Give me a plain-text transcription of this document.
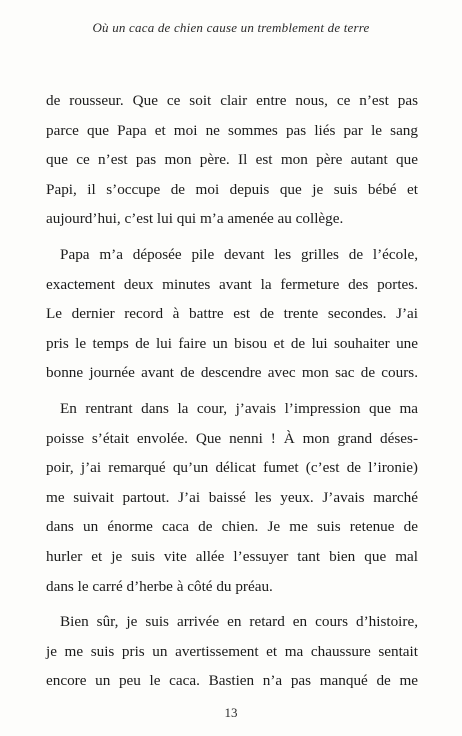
Où un caca de chien cause un tremblement de terre
de rousseur. Que ce soit clair entre nous, ce n’est pas
parce que Papa et moi ne sommes pas liés par le sang
que ce n’est pas mon père. Il est mon père autant que
Papi, il s’occupe de moi depuis que je suis bébé et
aujourd’hui, c’est lui qui m’a amenée au collège.
Papa m’a déposée pile devant les grilles de l’école,
exactement deux minutes avant la fermeture des portes.
Le dernier record à battre est de trente secondes. J’ai
pris le temps de lui faire un bisou et de lui souhaiter une
bonne journée avant de descendre avec mon sac de cours.
En rentrant dans la cour, j’avais l’impression que ma
poisse s’était envolée. Que nenni ! À mon grand déses-
poir, j’ai remarqué qu’un délicat fumet (c’est de l’ironie)
me suivait partout. J’ai baissé les yeux. J’avais marché
dans un énorme caca de chien. Je me suis retenue de
hurler et je suis vite allée l’essuyer tant bien que mal
dans le carré d’herbe à côté du préau.
Bien sûr, je suis arrivée en retard en cours d’histoire,
je me suis pris un avertissement et ma chaussure sentait
encore un peu le caca. Bastien n’a pas manqué de me
13
